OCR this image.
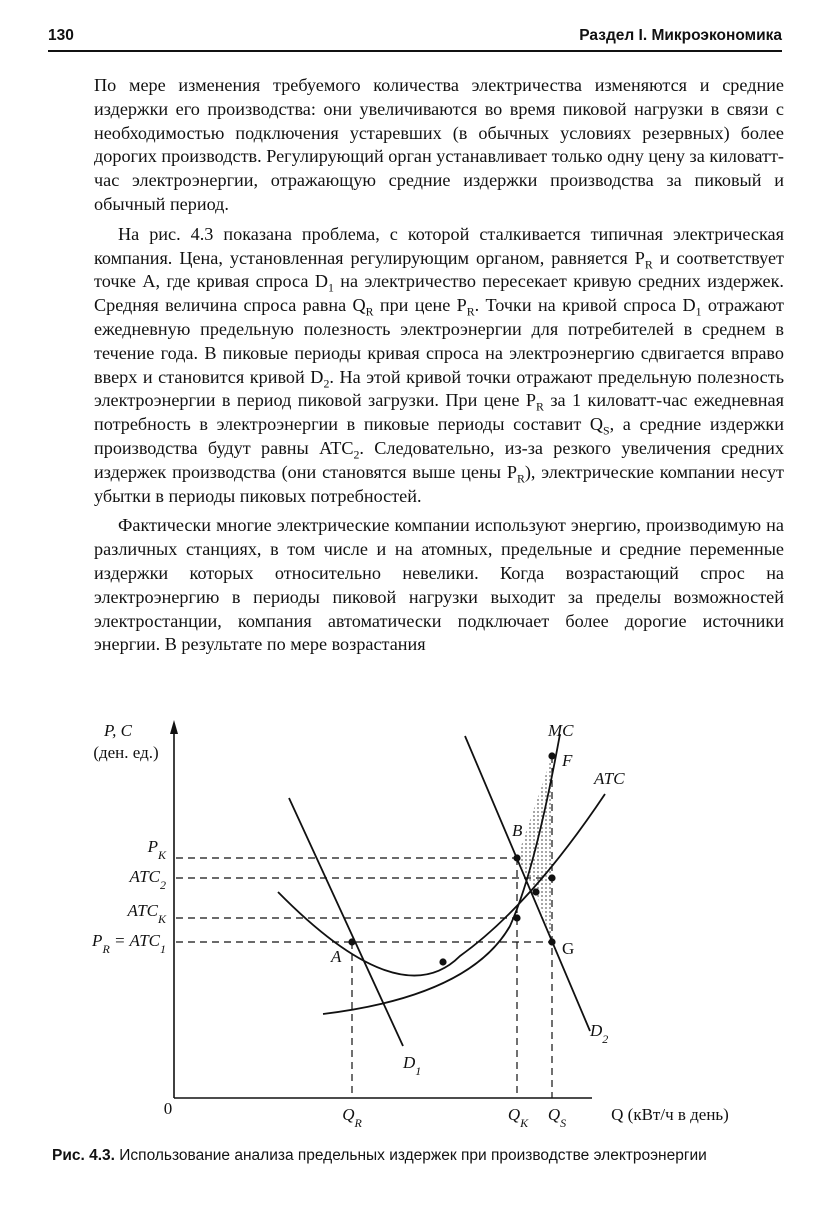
130	Раздел I. Микроэкономика

По мере изменения требуемого количества электричества изменяются и средние издержки его производства: они увеличиваются во время пиковой нагрузки в связи с необходимостью подключения устаревших (в обычных условиях резервных) более дорогих производств. Регулирующий орган устанавливает только одну цену за киловатт-час электроэнергии, отражающую средние издержки производства за пиковый и обычный период.

На рис. 4.3 показана проблема, с которой сталкивается типичная электрическая компания. Цена, установленная регулирующим органом, равняется $P_R$ и соответствует точке A, где кривая спроса $D_1$ на электричество пересекает кривую средних издержек. Средняя величина спроса равна $Q_R$ при цене $P_R$. Точки на кривой спроса $D_1$ отражают ежедневную предельную полезность электроэнергии для потребителей в среднем в течение года. В пиковые периоды кривая спроса на электроэнергию сдвигается вправо вверх и становится кривой $D_2$. На этой кривой точки отражают предельную полезность электроэнергии в период пиковой загрузки. При цене $P_R$ за 1 киловатт-час ежедневная потребность в электроэнергии в пиковые периоды составит $Q_S$, а средние издержки производства будут равны $ATC_2$. Следовательно, из-за резкого увеличения средних издержек производства (они становятся выше цены $P_R$), электрические компании несут убытки в периоды пиковых потребностей.

Фактически многие электрические компании используют энергию, производимую на различных станциях, в том числе и на атомных, предельные и средние переменные издержки которых относительно невелики. Когда возрастающий спрос на электроэнергию в периоды пиковой нагрузки выходит за пределы возможностей электростанции, компания автоматически подключает более дорогие источники энергии. В результате по мере возрастания

P, C
(ден. ед.)
0	Q (кВт/ч в день)
$P_K$
$ATC_2$
$ATC_K$
$P_R = ATC_1$
$Q_R$	$Q_K$ $Q_S$
MC
ATC
$D_1$
$D_2$
A
B
F
G
Рис. 4.3. Использование анализа предельных издержек при производстве электроэнергии
